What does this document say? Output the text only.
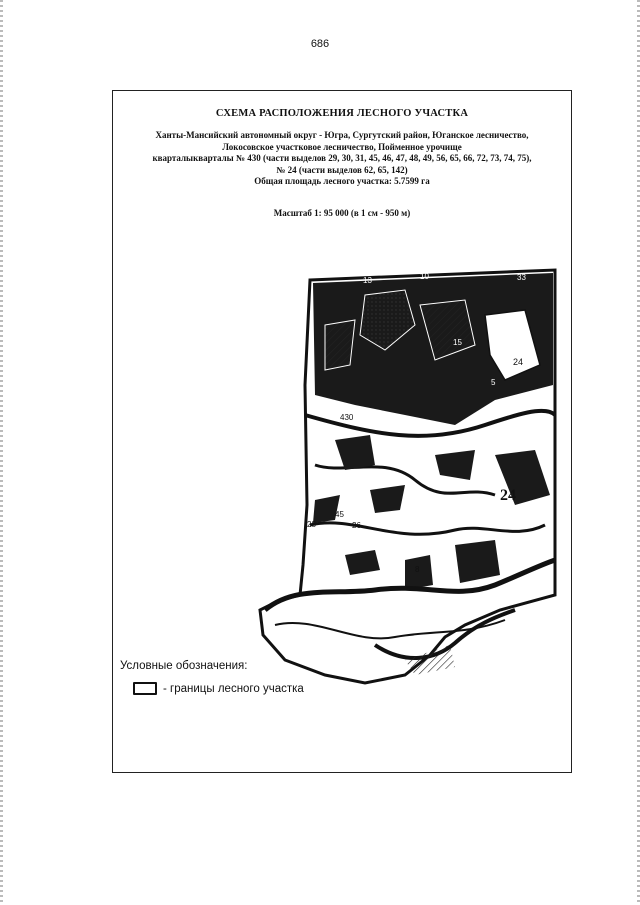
686
СХЕМА РАСПОЛОЖЕНИЯ ЛЕСНОГО УЧАСТКА
Ханты-Мансийский автономный округ - Югра, Сургутский район, Юганское лесничество,
Локосовское участковое лесничество, Пойменное урочище
кварталыкварталы № 430 (части выделов 29, 30, 31, 45, 46, 47, 48, 49, 56, 65, 66, 72, 73, 74, 75),
№ 24 (части выделов 62, 65, 142)
Общая площадь лесного участка: 5.7599 га
Масштаб 1: 95 000 (в 1 см - 950 м)
13	10	33
24
430
24
28
45
26
8
5
15
Условные обозначения:
- границы лесного участка
